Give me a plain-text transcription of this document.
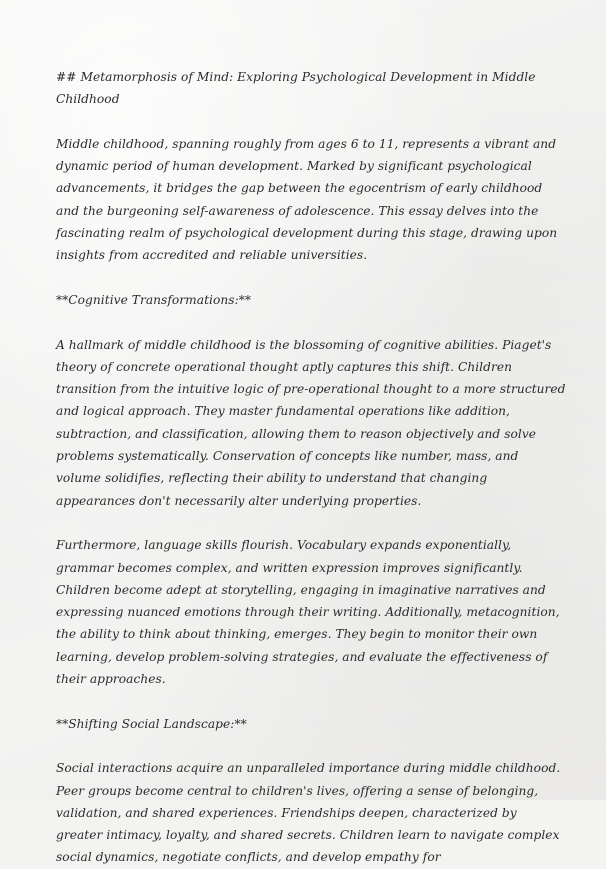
## Metamorphosis of Mind: Exploring Psychological Development in Middle Childhood

Middle childhood, spanning roughly from ages 6 to 11, represents a vibrant and dynamic period of human development. Marked by significant psychological advancements, it bridges the gap between the egocentrism of early childhood and the burgeoning self-awareness of adolescence. This essay delves into the fascinating realm of psychological development during this stage, drawing upon insights from accredited and reliable universities.

**Cognitive Transformations:**

A hallmark of middle childhood is the blossoming of cognitive abilities. Piaget's theory of concrete operational thought aptly captures this shift. Children transition from the intuitive logic of pre-operational thought to a more structured and logical approach. They master fundamental operations like addition, subtraction, and classification, allowing them to reason objectively and solve problems systematically. Conservation of concepts like number, mass, and volume solidifies, reflecting their ability to understand that changing appearances don't necessarily alter underlying properties.

Furthermore, language skills flourish. Vocabulary expands exponentially, grammar becomes complex, and written expression improves significantly. Children become adept at storytelling, engaging in imaginative narratives and expressing nuanced emotions through their writing. Additionally, metacognition, the ability to think about thinking, emerges. They begin to monitor their own learning, develop problem-solving strategies, and evaluate the effectiveness of their approaches.

**Shifting Social Landscape:**

Social interactions acquire an unparalleled importance during middle childhood. Peer groups become central to children's lives, offering a sense of belonging, validation, and shared experiences. Friendships deepen, characterized by greater intimacy, loyalty, and shared secrets. Children learn to navigate complex social dynamics, negotiate conflicts, and develop empathy for
